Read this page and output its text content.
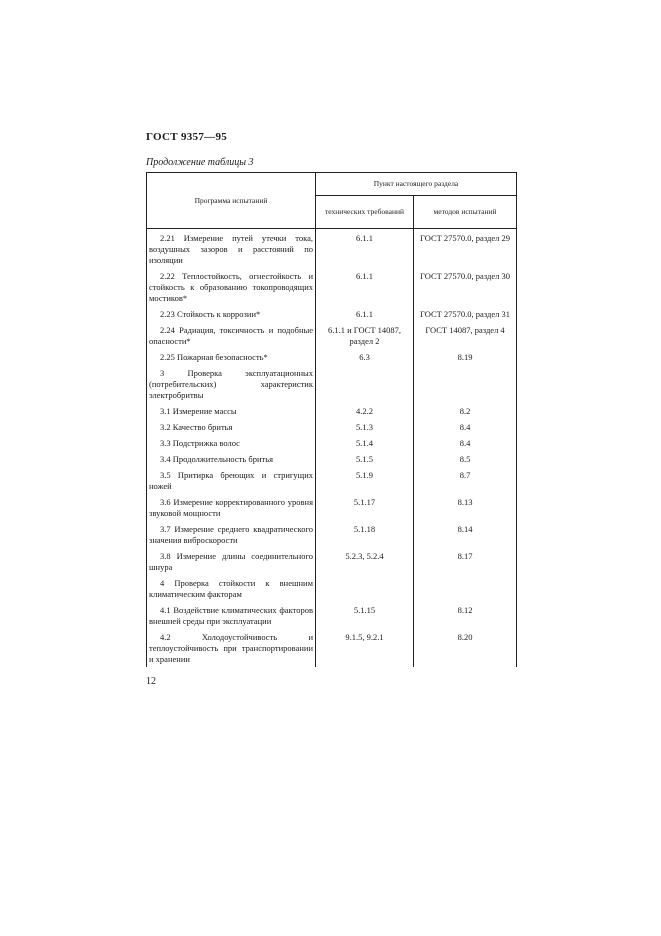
ГОСТ 9357—95
Продолжение таблицы 3
Программа испытаний	Пункт настоящего раздела	
	технических требований	методов испытаний
2.21 Измерение путей утечки тока, воздушных зазоров и расстояний по изоляции	6.1.1	ГОСТ 27570.0, раздел 29
2.22 Теплостойкость, огнестойкость и стойкость к образованию токопроводящих мостиков*	6.1.1	ГОСТ 27570.0, раздел 30
2.23 Стойкость к коррозии*	6.1.1	ГОСТ 27570.0, раздел 31
2.24 Радиация, токсичность и подобные опасности*	6.1.1 и ГОСТ 14087, раздел 2	ГОСТ 14087, раздел 4
2.25 Пожарная безопасность*	6.3	8.19
3 Проверка эксплуатационных (потребительских) характеристик электробритвы		
3.1 Измерение массы	4.2.2	8.2
3.2 Качество бритья	5.1.3	8.4
3.3 Подстрижка волос	5.1.4	8.4
3.4 Продолжительность бритья	5.1.5	8.5
3.5 Притирка бреющих и стригущих ножей	5.1.9	8.7
3.6 Измерение корректированного уровня звуковой мощности	5.1.17	8.13
3.7 Измерение среднего квадратического значения виброскорости	5.1.18	8.14
3.8 Измерение длины соединительного шнура	5.2.3, 5.2.4	8.17
4 Проверка стойкости к внешним климатическим факторам		
4.1 Воздействие климатических факторов внешней среды при эксплуатации	5.1.15	8.12
4.2 Холодоустойчивость и теплоустойчивость при транспортировании и хранении	9.1.5, 9.2.1	8.20
12
